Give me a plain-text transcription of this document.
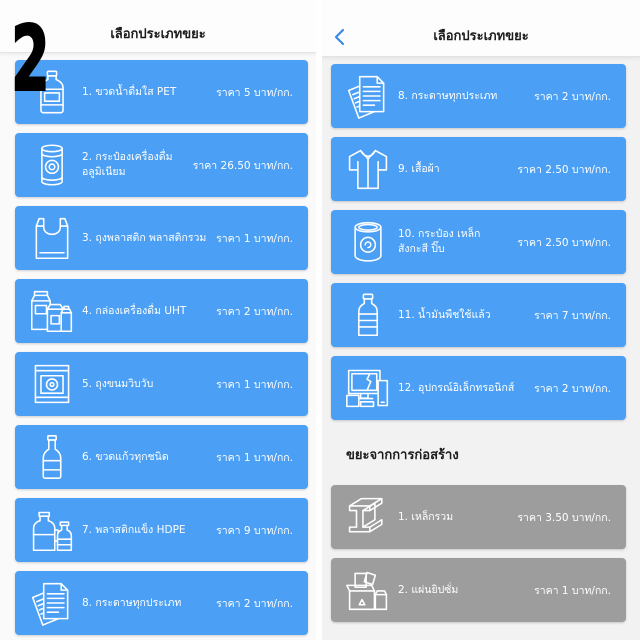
เลือกประเภทขยะ
1. ขวดน้ำดื่มใส PET	ราคา 5 บาท/กก.
2. กระป๋องเครื่องดื่ม อลูมิเนียม
ราคา 26.50 บาท/กก.
3. ถุงพลาสติก พลาสติกรวม ราคา 1 บาท/กก.
4. กล่องเครื่องดื่ม UHT	ราคา 2 บาท/กก.
5. ถุงขนมวิบวับ	ราคา 1 บาท/กก.
6. ขวดแก้วทุกชนิด	ราคา 1 บาท/กก.
7. พลาสติกแข็ง HDPE	ราคา 9 บาท/กก.
8. กระดาษทุกประเภท	ราคา 2 บาท/กก.
เลือกประเภทขยะ
8. กระดาษทุกประเภท	ราคา 2 บาท/กก.
9. เสื้อผ้า	ราคา 2.50 บาท/กก.
10. กระป๋อง เหล็ก สังกะสี ปิ๊บ
ราคา 2.50 บาท/กก.
11. น้ำมันพืชใช้แล้ว	ราคา 7 บาท/กก.
12. อุปกรณ์อิเล็กทรอนิกส์	ราคา 2 บาท/กก.
ขยะจากการก่อสร้าง
1. เหล็กรวม	ราคา 3.50 บาท/กก.
2. แผ่นยิปซั่ม	ราคา 1 บาท/กก.
2
